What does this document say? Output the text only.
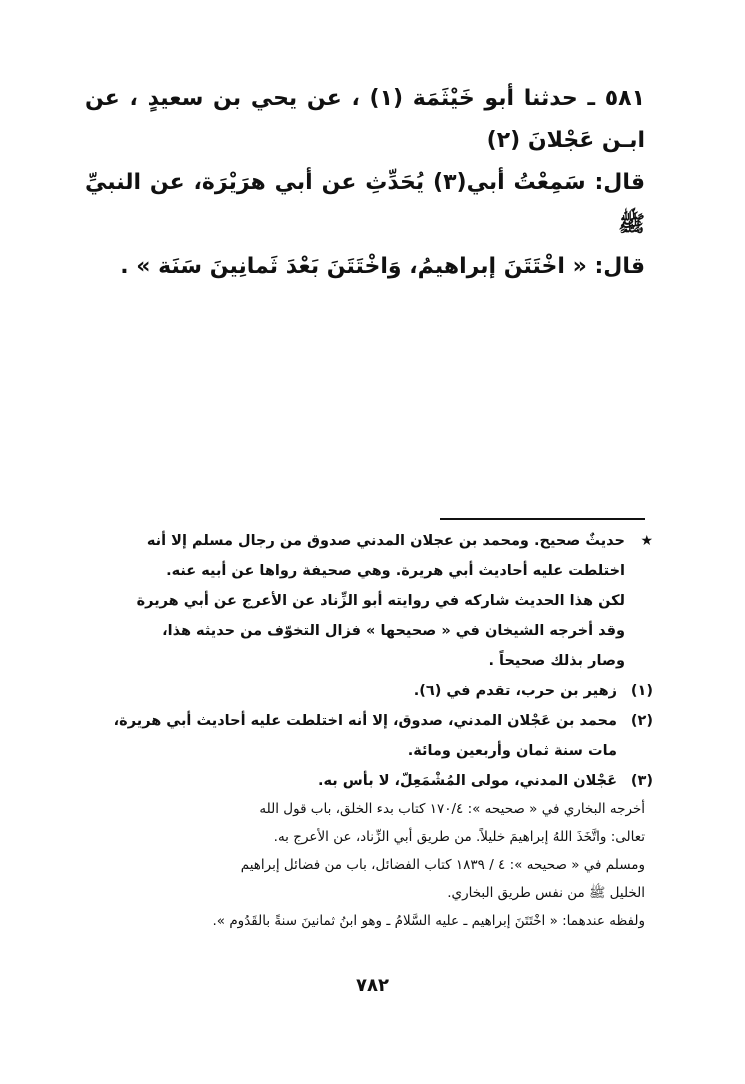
٥٨١ ـ حدثنا أبو خَيْثَمَة (١) ، عن يحي بن سعيدٍ ، عن ابـن عَجْلانَ (٢)

قال: سَمِعْتُ أبي(٣) يُحَدِّثِ عن أبي هرَيْرَة، عن النبيِّ ﷺ

قال: « اخْتَتَنَ إبراهيمُ، وَاخْتَتَنَ بَعْدَ ثَمانِينَ سَنَة » .

★

حديثٌ صحيح. ومحمد بن عجلان المدني صدوق من رجال مسلم إلا أنه

اختلطت عليه أحاديث أبي هريرة. وهي صحيفة رواها عن أبيه عنه.

لكن هذا الحديث شاركه في روايته أبو الزِّناد عن الأعرج عن أبي هريرة

وقد أخرجه الشيخان في « صحيحها » فزال التخوّف من حديثه هذا،

وصار بذلك صحيحاً .

(١)

زهير بن حرب، تقدم في (٦).

(٢)

محمد بن عَجْلان المدني، صدوق، إلا أنه اختلطت عليه أحاديث أبي هريرة،

مات سنة ثمان وأربعين ومائة.

(٣)

عَجْلان المدني، مولى المُشْمَعِلّ، لا بأس به.

أخرجه البخاري في « صحيحه »: ١٧٠/٤ كتاب بدء الخلق، باب قول الله

تعالى: واتَّخَذَ اللهُ إبراهيمَ خليلاً. من طريق أبي الزِّناد، عن الأعرج به.

ومسلم في « صحيحه »: ٤ / ١٨٣٩ كتاب الفضائل، باب من فضائل إبراهيم

الخليل ﷺ من نفس طريق البخاري.

ولفظه عندهما: « اخْتَتَنَ إبراهيم ـ عليه السَّلامُ ـ وهو ابنُ ثمانينَ سنةً بالقَدُوم ».

٧٨٢
